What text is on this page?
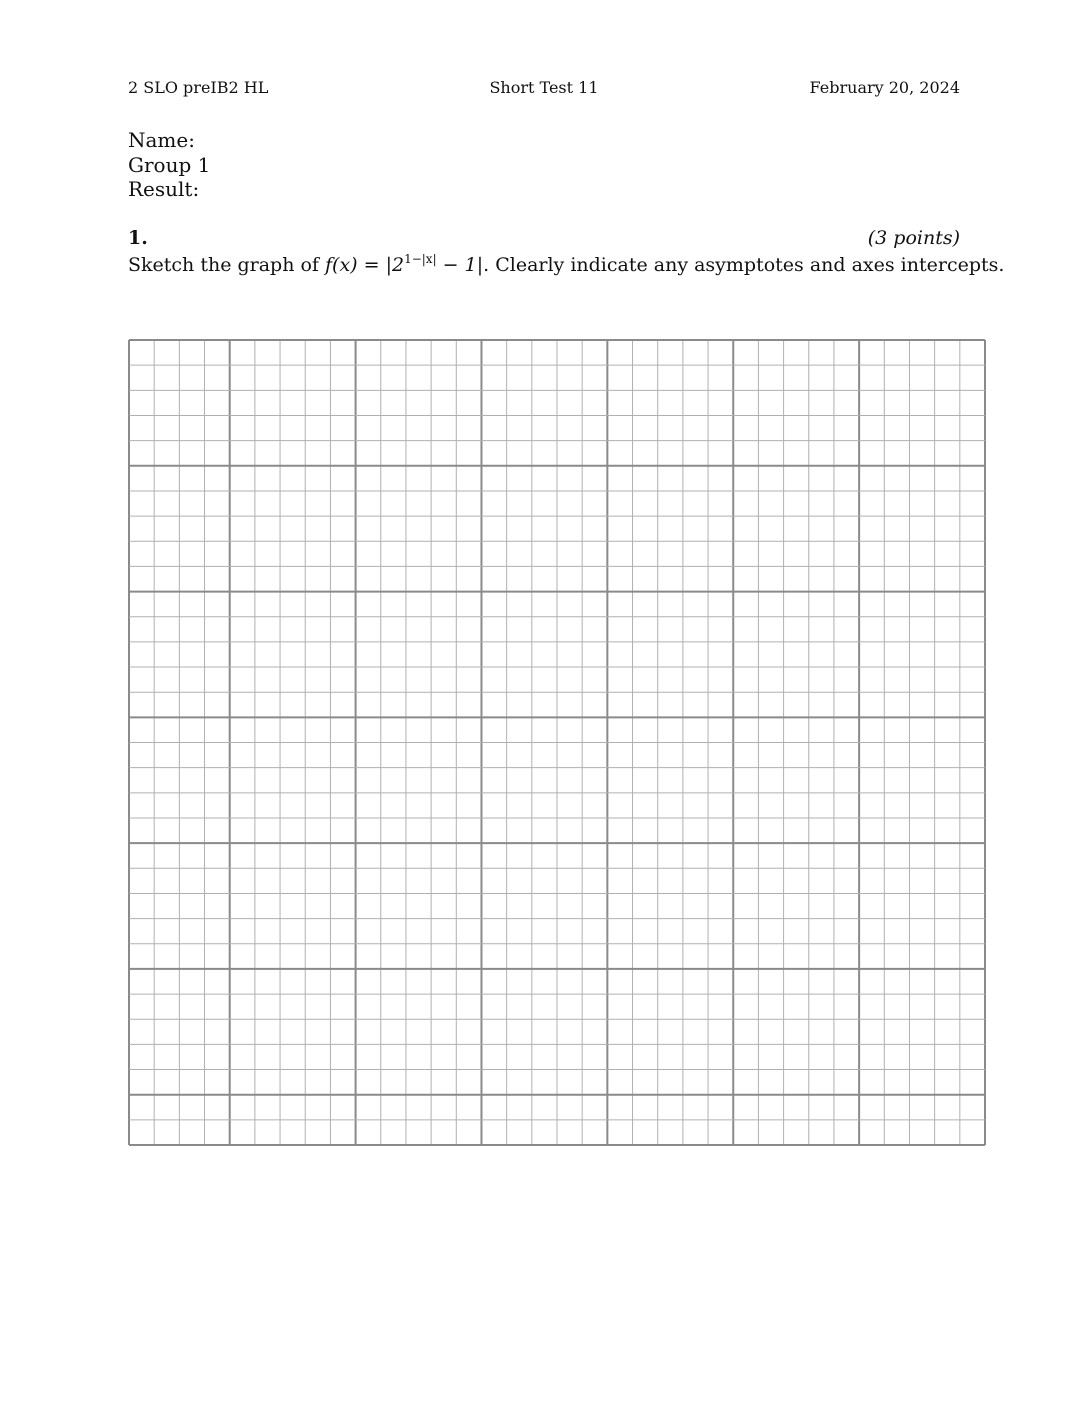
2 SLO preIB2 HL	Short Test 11	February 20, 2024
Name:
Group 1
Result:
1.	(3 points)
Sketch the graph of $f(x) = |2^{1-|x|} - 1|$. Clearly indicate any asymptotes and axes intercepts.
